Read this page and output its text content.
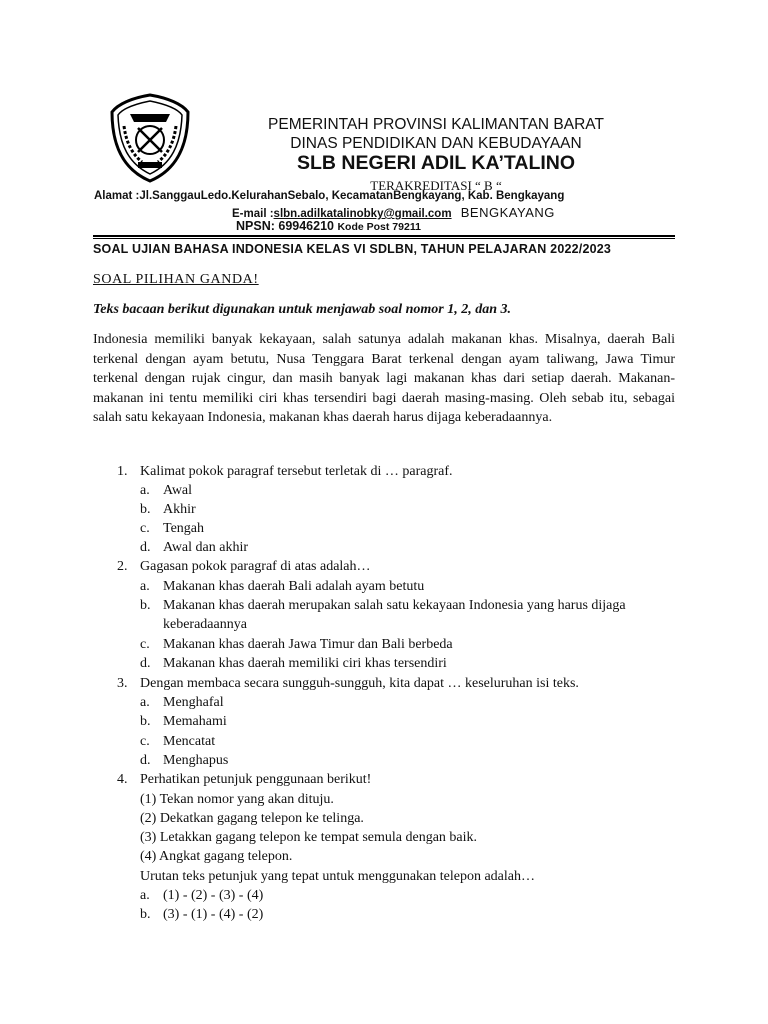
PEMERINTAH PROVINSI KALIMANTAN BARAT
DINAS PENDIDIKAN DAN KEBUDAYAAN
SLB NEGERI ADIL KA’TALINO
TERAKREDITASI “ B “
Alamat :Jl.SanggauLedo.KelurahanSebalo, KecamatanBengkayang, Kab. Bengkayang
E-mail :slbn.adilkatalinobky@gmail.com BENGKAYANG
NPSN: 69946210 Kode Post 79211
SOAL UJIAN BAHASA INDONESIA KELAS VI SDLBN, TAHUN PELAJARAN 2022/2023
SOAL PILIHAN GANDA!
Teks bacaan berikut digunakan untuk menjawab soal nomor 1, 2, dan 3.
Indonesia memiliki banyak kekayaan, salah satunya adalah makanan khas. Misalnya, daerah Bali terkenal dengan ayam betutu, Nusa Tenggara Barat terkenal dengan ayam taliwang, Jawa Timur terkenal dengan rujak cingur, dan masih banyak lagi makanan khas dari setiap daerah. Makanan-makanan ini tentu memiliki ciri khas tersendiri bagi daerah masing-masing. Oleh sebab itu, sebagai salah satu kekayaan Indonesia, makanan khas daerah harus dijaga keberadaannya.
1. Kalimat pokok paragraf tersebut terletak di … paragraf.
a. Awal
b. Akhir
c. Tengah
d. Awal dan akhir
2. Gagasan pokok paragraf di atas adalah…
a. Makanan khas daerah Bali adalah ayam betutu
b. Makanan khas daerah merupakan salah satu kekayaan Indonesia yang harus dijaga
keberadaannya
c. Makanan khas daerah Jawa Timur dan Bali berbeda
d. Makanan khas daerah memiliki ciri khas tersendiri
3. Dengan membaca secara sungguh-sungguh, kita dapat … keseluruhan isi teks.
a. Menghafal
b. Memahami
c. Mencatat
d. Menghapus
4. Perhatikan petunjuk penggunaan berikut!
(1) Tekan nomor yang akan dituju.
(2) Dekatkan gagang telepon ke telinga.
(3) Letakkan gagang telepon ke tempat semula dengan baik.
(4) Angkat gagang telepon.
Urutan teks petunjuk yang tepat untuk menggunakan telepon adalah…
a. (1) - (2) - (3) - (4)
b. (3) - (1) - (4) - (2)
